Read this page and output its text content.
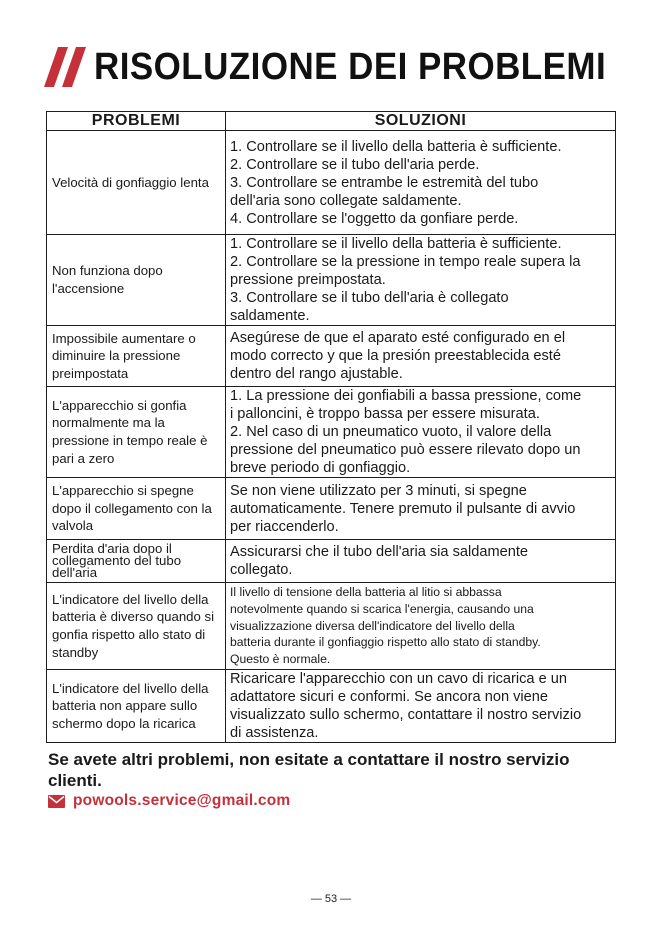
RISOLUZIONE DEI PROBLEMI
PROBLEMI	SOLUZIONI
Velocità di gonfiaggio lenta	1. Controllare se il livello della batteria è sufficiente.
2. Controllare se il tubo dell'aria perde.
3. Controllare se entrambe le estremità del tubo
dell'aria sono collegate saldamente.
4. Controllare se l'oggetto da gonfiare perde.

Non funziona dopo l'accensione	1. Controllare se il livello della batteria è sufficiente.
2. Controllare se la pressione in tempo reale supera la
pressione preimpostata.
3. Controllare se il tubo dell'aria è collegato
saldamente.

Impossibile aumentare o diminuire la pressione preimpostata	Asegúrese de que el aparato esté configurado en el
modo correcto y que la presión preestablecida esté
dentro del rango ajustable.

L'apparecchio si gonfia normalmente ma la pressione in tempo reale è pari a zero	1. La pressione dei gonfiabili a bassa pressione, come
i palloncini, è troppo bassa per essere misurata.
2. Nel caso di un pneumatico vuoto, il valore della
pressione del pneumatico può essere rilevato dopo un
breve periodo di gonfiaggio.

L'apparecchio si spegne dopo il collegamento con la valvola	Se non viene utilizzato per 3 minuti, si spegne
automaticamente. Tenere premuto il pulsante di avvio
per riaccenderlo.

Perdita d'aria dopo il collegamento del tubo dell'aria	Assicurarsi che il tubo dell'aria sia saldamente
collegato.

L'indicatore del livello della batteria è diverso quando si gonfia rispetto allo stato di standby	Il livello di tensione della batteria al litio si abbassa
notevolmente quando si scarica l'energia, causando una
visualizzazione diversa dell'indicatore del livello della
batteria durante il gonfiaggio rispetto allo stato di standby.
Questo è normale.

L'indicatore del livello della batteria non appare sullo schermo dopo la ricarica	Ricaricare l'apparecchio con un cavo di ricarica e un
adattatore sicuri e conformi. Se ancora non viene
visualizzato sullo schermo, contattare il nostro servizio
di assistenza.
Se avete altri problemi, non esitate a contattare il nostro servizio clienti.
powools.service@gmail.com
— 53 —
